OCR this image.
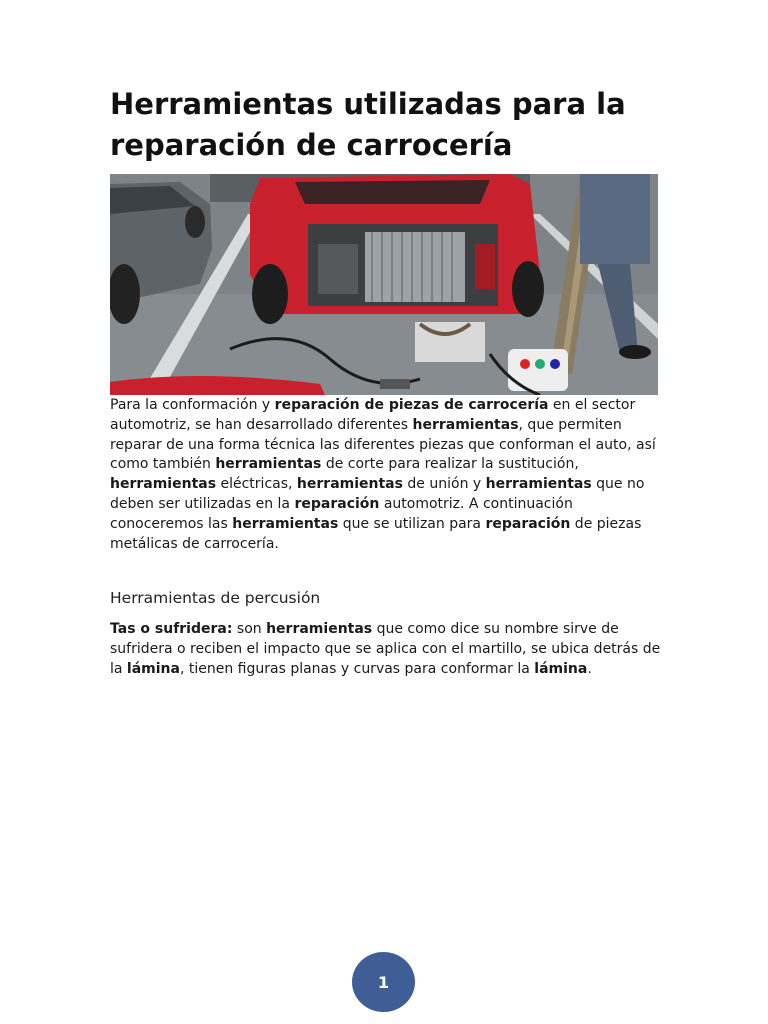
Herramientas utilizadas para la reparación de carrocería

Para la conformación y reparación de piezas de carrocería en el sector automotriz, se han desarrollado diferentes herramientas, que permiten reparar de una forma técnica las diferentes piezas que conforman el auto, así como también herramientas de corte para realizar la sustitución, herramientas eléctricas, herramientas de unión y herramientas que no deben ser utilizadas en la reparación automotriz. A continuación conoceremos las herramientas que se utilizan para reparación de piezas metálicas de carrocería.

Herramientas de percusión

Tas o sufridera: son herramientas que como dice su nombre sirve de sufridera o reciben el impacto que se aplica con el martillo, se ubica detrás de la lámina, tienen figuras planas y curvas para conformar la lámina.

1
